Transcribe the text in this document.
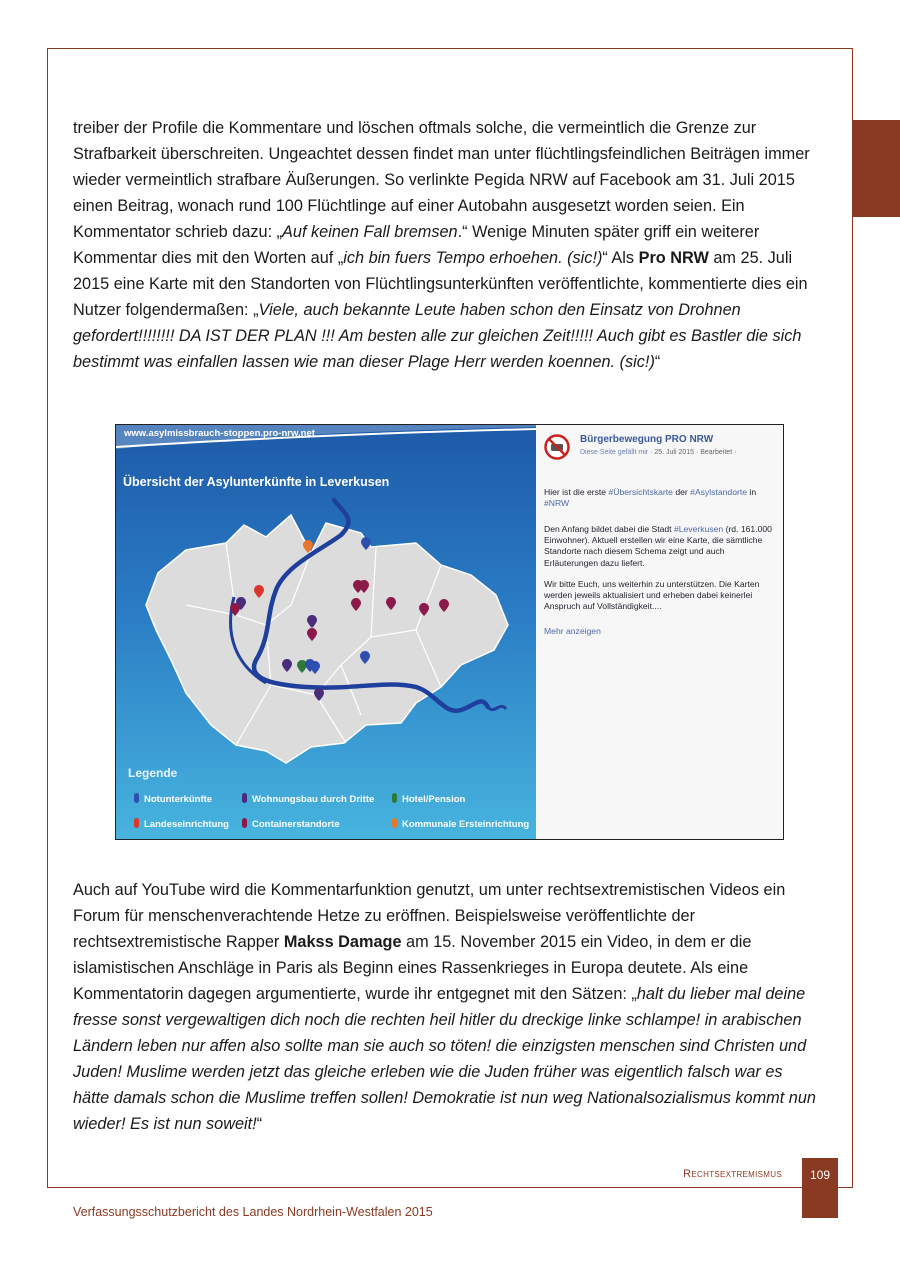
treiber der Profile die Kommentare und löschen oftmals solche, die vermeintlich die Grenze zur Strafbarkeit überschreiten. Ungeachtet dessen findet man unter flüchtlingsfeindlichen Beiträgen immer wieder vermeintlich strafbare Äußerungen. So verlinkte Pegida NRW auf Facebook am 31. Juli 2015 einen Beitrag, wonach rund 100 Flüchtlinge auf einer Autobahn ausgesetzt worden seien. Ein Kommentator schrieb dazu: „Auf keinen Fall bremsen.“ Wenige Minuten später griff ein weiterer Kommentar dies mit den Worten auf „ich bin fuers Tempo erhoehen. (sic!)“ Als Pro NRW am 25. Juli 2015 eine Karte mit den Standorten von Flüchtlingsunterkünften veröffentlichte, kommentierte dies ein Nutzer folgendermaßen: „Viele, auch bekannte Leute haben schon den Einsatz von Drohnen gefordert!!!!!!!! DA IST DER PLAN !!! Am besten alle zur gleichen Zeit!!!!! Auch gibt es Bastler die sich bestimmt was einfallen lassen wie man dieser Plage Herr werden koennen. (sic!)“

www.asylmissbrauch-stoppen.pro-nrw.net
Übersicht der Asylunterkünfte in Leverkusen
Legende
Notunterkünfte	Wohnungsbau durch Dritte	Hotel/Pension
Landeseinrichtung	Containerstandorte	Kommunale Ersteinrichtung
Bürgerbewegung PRO NRW
Diese Seite gefällt mir · 25. Juli 2015 · Bearbeitet ·
Hier ist die erste #Übersichtskarte der #Asylstandorte in #NRW
Den Anfang bildet dabei die Stadt #Leverkusen (rd. 161.000 Einwohner). Aktuell erstellen wir eine Karte, die sämtliche Standorte nach diesem Schema zeigt und auch Erläuterungen dazu liefert.
Wir bitte Euch, uns weiterhin zu unterstützen. Die Karten werden jeweils aktualisiert und erheben dabei keinerlei Anspruch auf Vollständigkeit....
Mehr anzeigen

Auch auf YouTube wird die Kommentarfunktion genutzt, um unter rechtsextremistischen Videos ein Forum für menschenverachtende Hetze zu eröffnen. Beispielsweise veröffentlichte der rechtsextremistische Rapper Makss Damage am 15. November 2015 ein Video, in dem er die islamistischen Anschläge in Paris als Beginn eines Rassenkrieges in Europa deutete. Als eine Kommentatorin dagegen argumentierte, wurde ihr entgegnet mit den Sätzen: „halt du lieber mal deine fresse sonst vergewaltigen dich noch die rechten heil hitler du dreckige linke schlampe! in arabischen Ländern leben nur affen also sollte man sie auch so töten! die einzigsten menschen sind Christen und Juden! Muslime werden jetzt das gleiche erleben wie die Juden früher was eigentlich falsch war es hätte damals schon die Muslime treffen sollen! Demokratie ist nun weg Nationalsozialismus kommt nun wieder! Es ist nun soweit!“

Rechtsextremismus	109
Verfassungsschutzbericht des Landes Nordrhein-Westfalen 2015
